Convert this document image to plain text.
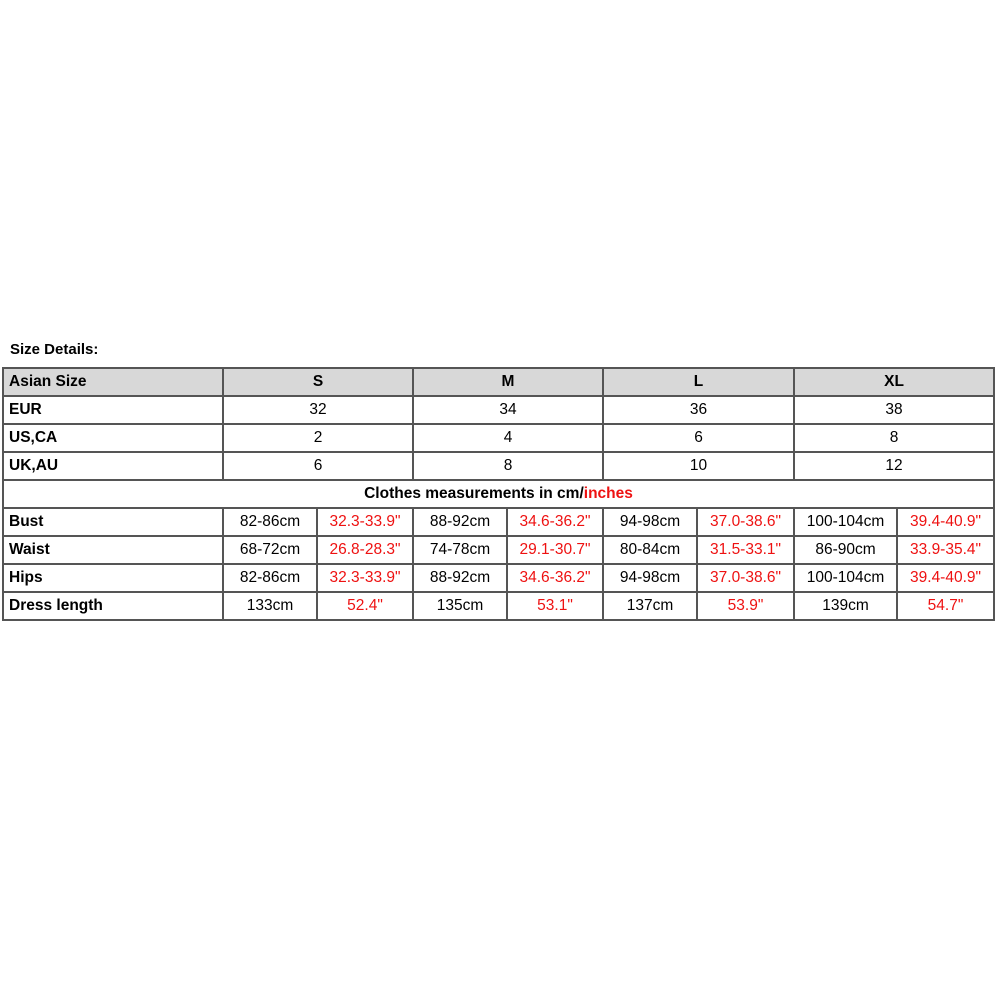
Size Details:
Asian Size	S		M		L		XL	
EUR	32		34		36		38	
US,CA	2		4		6		8	
UK,AU	6		8		10		12	
Clothes measurements in cm/inches								
Bust	82-86cm	32.3-33.9"	88-92cm	34.6-36.2"	94-98cm	37.0-38.6"	100-104cm	39.4-40.9"
Waist	68-72cm	26.8-28.3"	74-78cm	29.1-30.7"	80-84cm	31.5-33.1"	86-90cm	33.9-35.4"
Hips	82-86cm	32.3-33.9"	88-92cm	34.6-36.2"	94-98cm	37.0-38.6"	100-104cm	39.4-40.9"
Dress length	133cm	52.4"	135cm	53.1"	137cm	53.9"	139cm	54.7"
